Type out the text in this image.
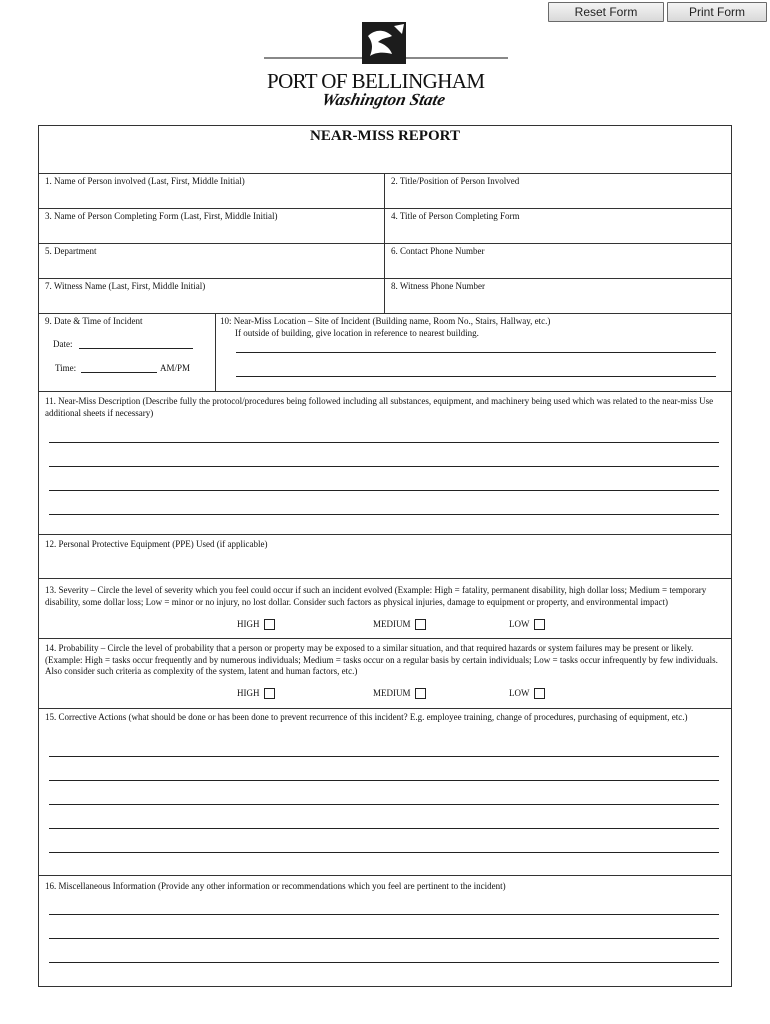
Reset Form	Print Form
PORT OF BELLINGHAM
Washington State
NEAR-MISS REPORT
1. Name of Person involved (Last, First, Middle Initial)	2. Title/Position of Person Involved
3. Name of Person Completing Form (Last, First, Middle Initial)	4. Title of Person Completing Form
5. Department	6. Contact Phone Number
7. Witness Name (Last, First, Middle Initial)	8. Witness Phone Number
9. Date & Time of Incident
Date:
Time:	AM/PM
10: Near-Miss Location – Site of Incident (Building name, Room No., Stairs, Hallway, etc.)
If outside of building, give location in reference to nearest building.
11. Near-Miss Description (Describe fully the protocol/procedures being followed including all substances, equipment, and machinery being used which was related to the near-miss Use additional sheets if necessary)
12. Personal Protective Equipment (PPE) Used (if applicable)
13. Severity – Circle the level of severity which you feel could occur if such an incident evolved (Example: High = fatality, permanent disability, high dollar loss; Medium = temporary disability, some dollar loss; Low = minor or no injury, no lost dollar. Consider such factors as physical injuries, damage to equipment or property, and environmental impact)
HIGH	MEDIUM	LOW
14. Probability – Circle the level of probability that a person or property may be exposed to a similar situation, and that required hazards or system failures may be present or likely. (Example: High = tasks occur frequently and by numerous individuals; Medium = tasks occur on a regular basis by certain individuals; Low = tasks occur infrequently by few individuals. Also consider such criteria as complexity of the system, latent and human factors, etc.)
HIGH	MEDIUM	LOW
15. Corrective Actions (what should be done or has been done to prevent recurrence of this incident? E.g. employee training, change of procedures, purchasing of equipment, etc.)
16. Miscellaneous Information (Provide any other information or recommendations which you feel are pertinent to the incident)
